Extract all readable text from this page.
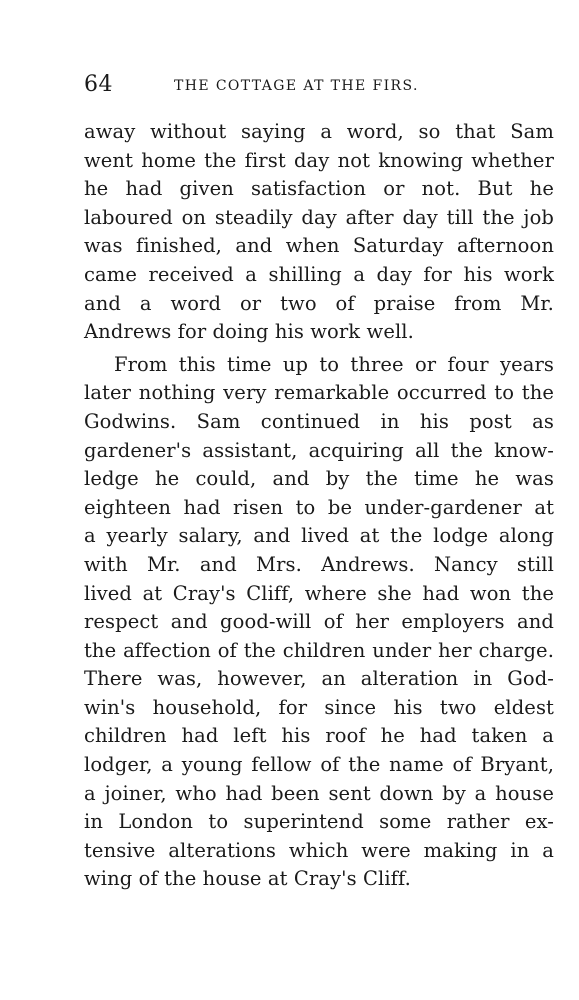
64	THE COTTAGE AT THE FIRS.
away without saying a word, so that Sam
went home the first day not knowing whether
he had given satisfaction or not. But he
laboured on steadily day after day till the job
was finished, and when Saturday afternoon
came received a shilling a day for his work
and a word or two of praise from Mr.
Andrews for doing his work well.
From this time up to three or four years
later nothing very remarkable occurred to the
Godwins. Sam continued in his post as
gardener's assistant, acquiring all the know-
ledge he could, and by the time he was
eighteen had risen to be under-gardener at
a yearly salary, and lived at the lodge along
with Mr. and Mrs. Andrews. Nancy still
lived at Cray's Cliff, where she had won the
respect and good-will of her employers and
the affection of the children under her charge.
There was, however, an alteration in God-
win's household, for since his two eldest
children had left his roof he had taken a
lodger, a young fellow of the name of Bryant,
a joiner, who had been sent down by a house
in London to superintend some rather ex-
tensive alterations which were making in a
wing of the house at Cray's Cliff.
